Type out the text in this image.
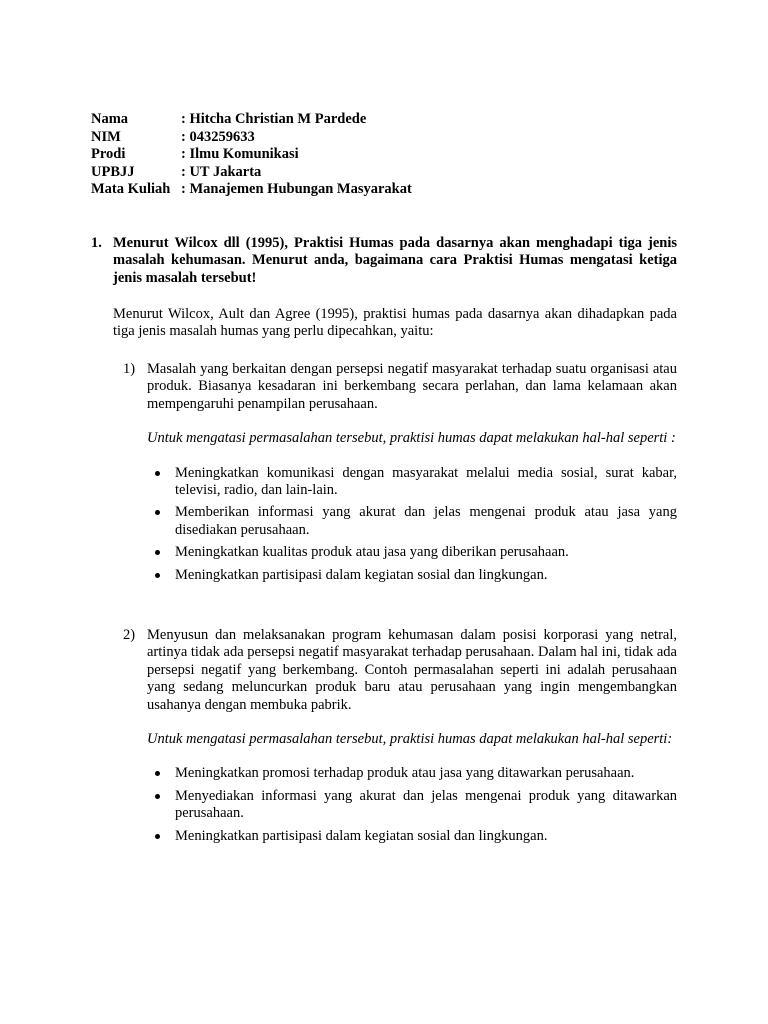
Nama	: Hitcha Christian M Pardede
NIM	: 043259633
Prodi	: Ilmu Komunikasi
UPBJJ	: UT Jakarta
Mata Kuliah : Manajemen Hubungan Masyarakat
1. Menurut Wilcox dll (1995), Praktisi Humas pada dasarnya akan menghadapi tiga jenis masalah kehumasan. Menurut anda, bagaimana cara Praktisi Humas mengatasi ketiga jenis masalah tersebut!
Menurut Wilcox, Ault dan Agree (1995), praktisi humas pada dasarnya akan dihadapkan pada tiga jenis masalah humas yang perlu dipecahkan, yaitu:
1) Masalah yang berkaitan dengan persepsi negatif masyarakat terhadap suatu organisasi atau produk. Biasanya kesadaran ini berkembang secara perlahan, dan lama kelamaan akan mempengaruhi penampilan perusahaan.
Untuk mengatasi permasalahan tersebut, praktisi humas dapat melakukan hal-hal seperti :
Meningkatkan komunikasi dengan masyarakat melalui media sosial, surat kabar, televisi, radio, dan lain-lain.
Memberikan informasi yang akurat dan jelas mengenai produk atau jasa yang disediakan perusahaan.
Meningkatkan kualitas produk atau jasa yang diberikan perusahaan.
Meningkatkan partisipasi dalam kegiatan sosial dan lingkungan.
2) Menyusun dan melaksanakan program kehumasan dalam posisi korporasi yang netral, artinya tidak ada persepsi negatif masyarakat terhadap perusahaan. Dalam hal ini, tidak ada persepsi negatif yang berkembang. Contoh permasalahan seperti ini adalah perusahaan yang sedang meluncurkan produk baru atau perusahaan yang ingin mengembangkan usahanya dengan membuka pabrik.
Untuk mengatasi permasalahan tersebut, praktisi humas dapat melakukan hal-hal seperti:
Meningkatkan promosi terhadap produk atau jasa yang ditawarkan perusahaan.
Menyediakan informasi yang akurat dan jelas mengenai produk yang ditawarkan perusahaan.
Meningkatkan partisipasi dalam kegiatan sosial dan lingkungan.
